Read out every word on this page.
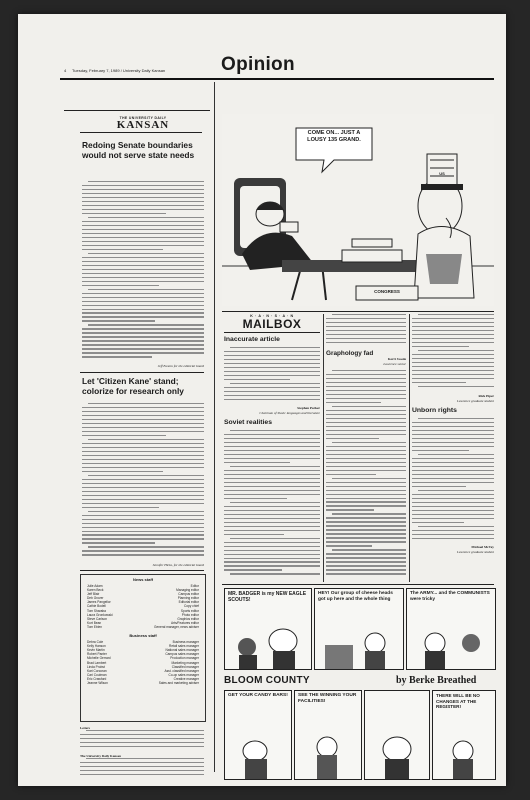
4 Tuesday, February 7, 1989 / University Daily Kansan	Opinion
THE UNIVERSITY DAILY
KANSAN
Redoing Senate boundaries would not serve state needs
Jeff Euston for the editorial board
Let 'Citizen Kane' stand; colorize for research only
Jennifer Hicks, for the editorial board
News staff
Julie Adam	Editor
Karen Beck	Managing editor
Jeff Blair	Campus editor
Deb Grover	Planning editor
James Pangellor	Editorial editor
Cathie Bodell	Copy chief
Tom Sharaba	Sports editor
Laura Gronkowski	Photo editor
Steve Carlson	Graphics editor
Kurt Bean	Arts/Features editor
Tom Eblen	General manager, news adviser
Business staff
Debra Cole	Business manager
Kelly Hanson	Retail sales manager
Kevin Martin	National sales manager
Robert Panter	Campus sales manager
Michelle Gerrard	Production manager
Brad Lambert	Marketing manager
Linda Probst	Classified manager
Kari Corcoran	Asst. classified manager
Cari Coulman	Co-op sales manager
Eric Crawford	Creative manager
Jeanne Wilson	Sales and marketing adviser
Letters

The University Daily Kansan
COME ON... JUST A LOUSY 135 GRAND.
US
CONGRESS
K · A · N · S · A · N
MAILBOX
Inaccurate article
Stephen Parker
Chairman of Slavic languages and literature
Soviet realities
Graphology fad
Kerri Swede
Lawrence senior
Rick Piper
Lawrence graduate student
Unborn rights
Michael McVey
Lawrence graduate student
MR. BADGER is my NEW EAGLE SCOUTS!
HEY! Our group of cheese heads got up here and the whole thing
The ARMY... and the COMMUNISTS were tricky
BLOOM COUNTY	by Berke Breathed
GET YOUR CANDY BARS! SEE THE WINNING YOUR FACILITIES!
THERE WILL BE NO CHANGES AT THE REGISTER!
